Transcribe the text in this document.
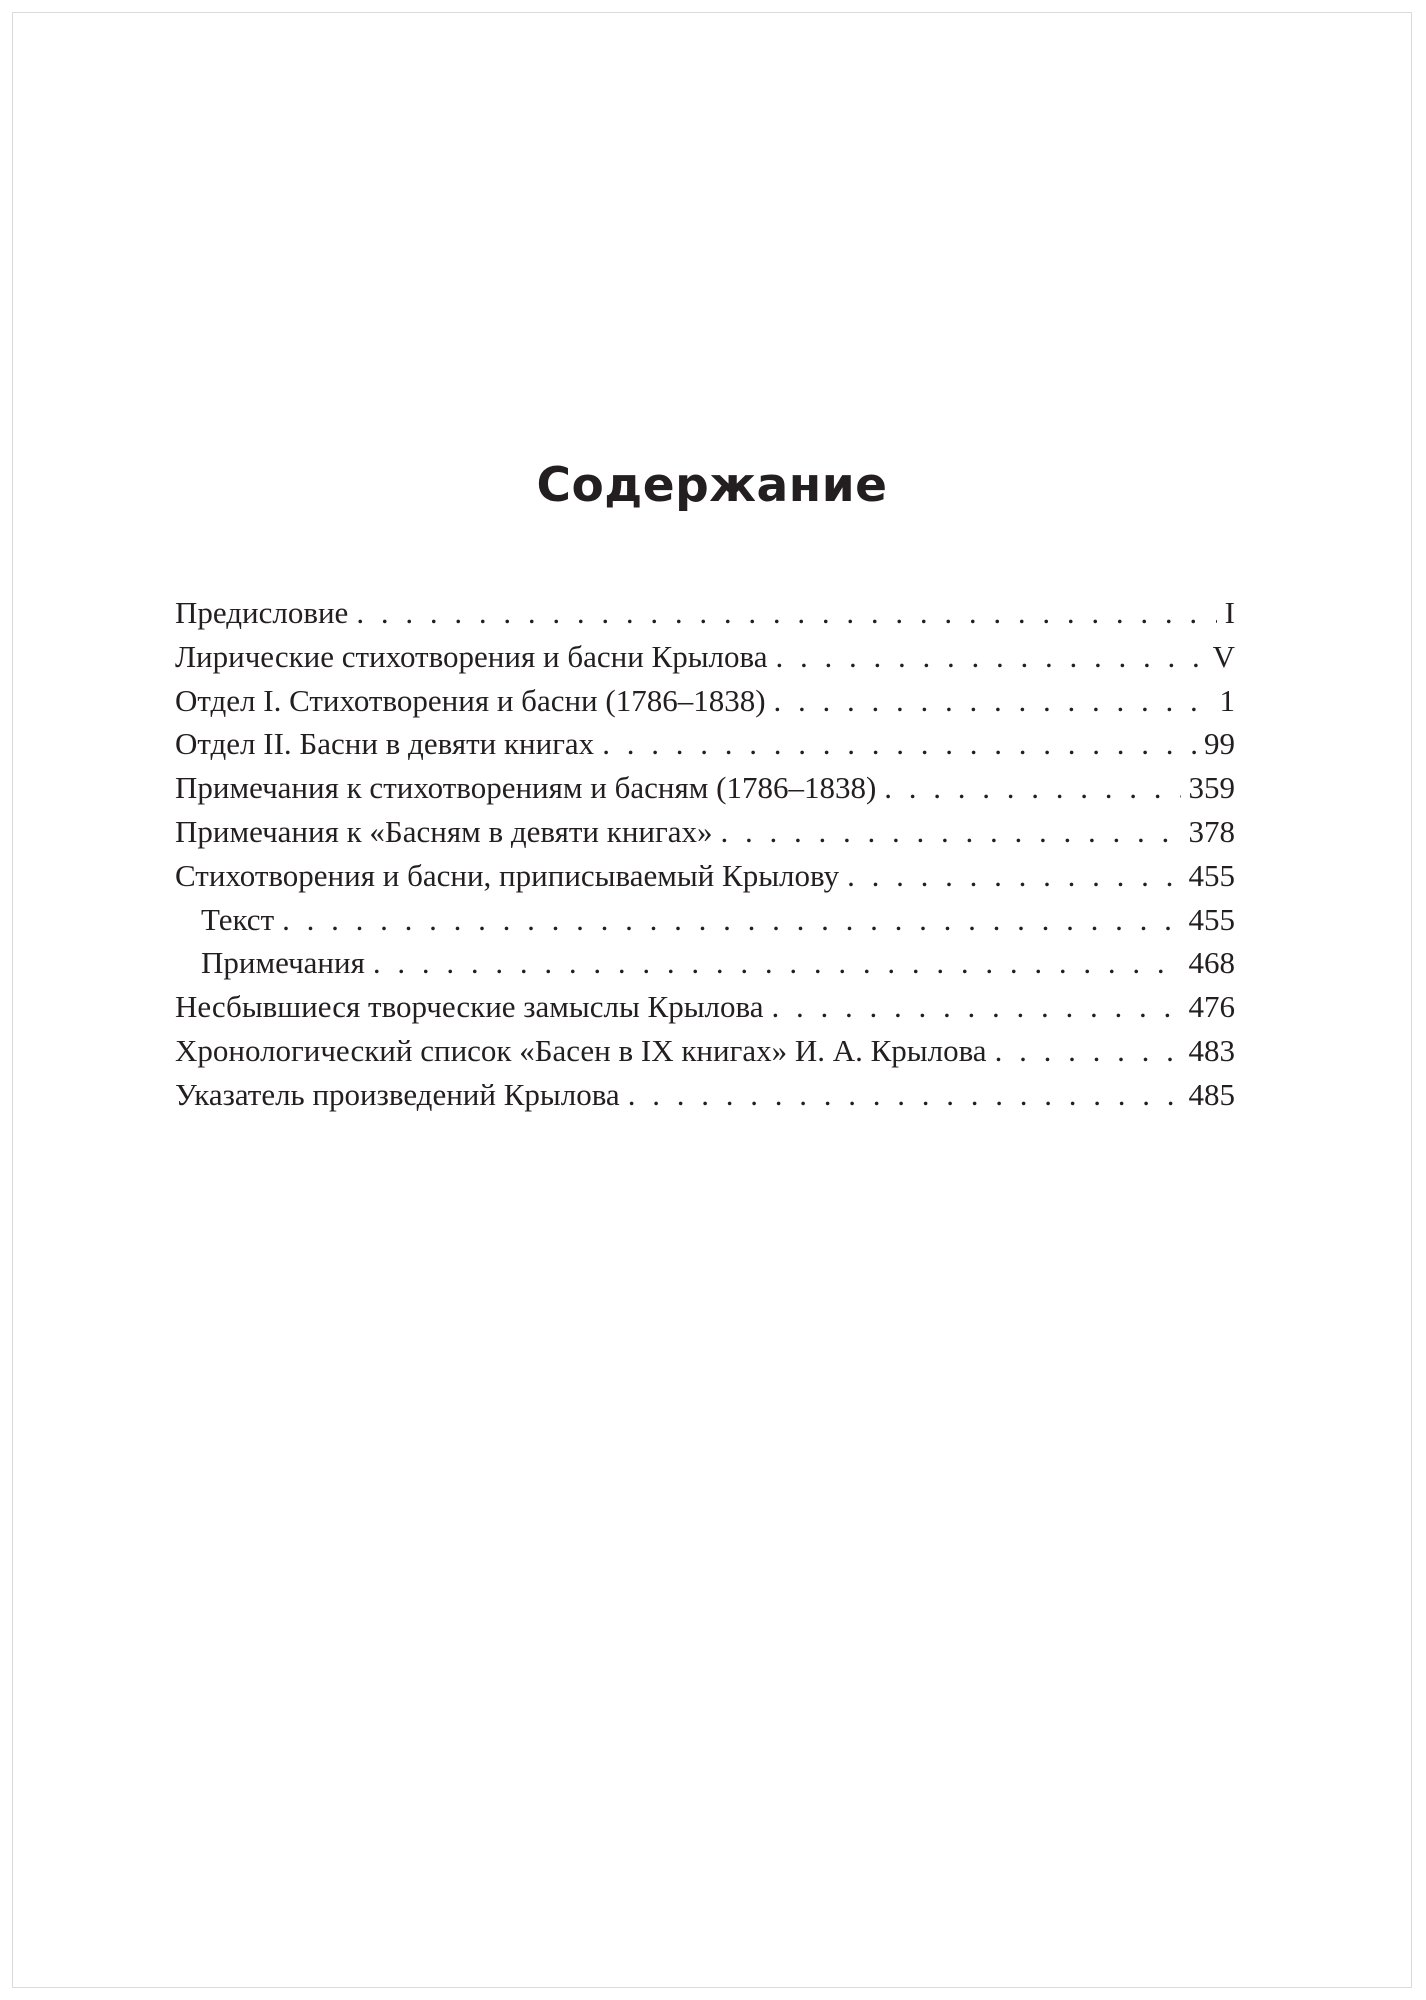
Содержание
Предисловие . . .	I
Лирические стихотворения и басни Крылова . . .	V
Отдел I. Стихотворения и басни (1786–1838) . . .	1
Отдел II. Басни в девяти книгах . . .	99
Примечания к стихотворениям и басням (1786–1838) . . .	359
Примечания к «Басням в девяти книгах» . . .	378
Стихотворения и басни, приписываемый Крылову . . .	455
Текст . . .	455
Примечания . . .	468
Несбывшиеся творческие замыслы Крылова . . .	476
Хронологический список «Басен в IX книгах» И. А. Крылова . . .	483
Указатель произведений Крылова . . .	485
